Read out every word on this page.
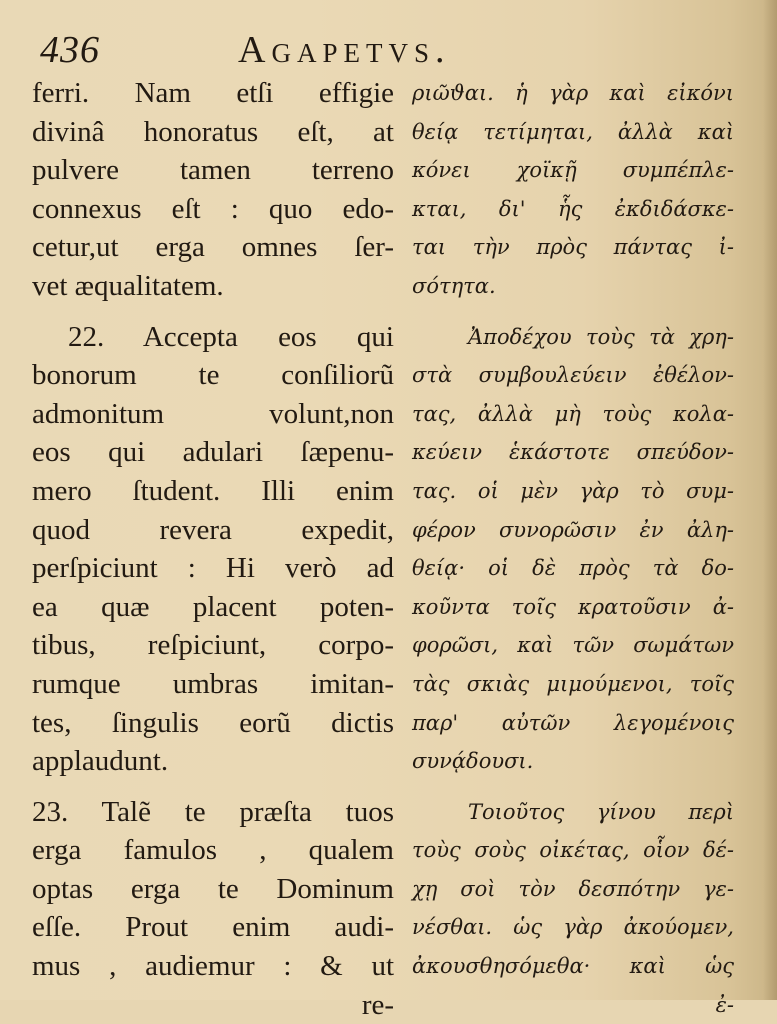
436	Agapetvs.
ferri. Nam etſi effigie
divinâ honoratus eſt, at
pulvere tamen terreno
connexus eſt : quo edo-
cetur,ut erga omnes ſer-
vet æqualitatem.
22. Accepta eos qui
bonorum te conſiliorũ
admonitum volunt,non
eos qui adulari ſæpenu-
mero ſtudent. Illi enim
quod revera expedit,
perſpiciunt : Hi verò ad
ea quæ placent poten-
tibus, reſpiciunt, corpo-
rumque umbras imitan-
tes, ſingulis eorũ dictis
applaudunt.
23. Talẽ te præſta tuos
erga famulos , qualem
optas erga te Dominum
eſſe. Prout enim audi-
mus , audiemur : & ut
re-
ριῶϑαι. ἡ γὰρ καὶ εἰκόνι
θείᾳ τετίμηται, ἀλλὰ καὶ
κόνει χοϊκῇ συμπέπλε-
κται, δι' ἧς ἐκδιδάσκε-
ται τὴν πρὸς πάντας ἰ-
σότητα.
Ἀποδέχου τοὺς τὰ χρη-
στὰ συμβουλεύειν ἐθέλον-
τας, ἀλλὰ μὴ τοὺς κολα-
κεύειν ἑκάστοτε σπεύδον-
τας. οἱ μὲν γὰρ τὸ συμ-
φέρον συνορῶσιν ἐν ἀλη-
θείᾳ· οἱ δὲ πρὸς τὰ δο-
κοῦντα τοῖς κρατοῦσιν ἀ-
φορῶσι, καὶ τῶν σωμάτων
τὰς σκιὰς μιμούμενοι, τοῖς
παρ' αὐτῶν λεγομένοις
συνᾴδουσι.
Τοιοῦτος γίνου περὶ
τοὺς σοὺς οἰκέτας, οἷον δέ-
χῃ σοὶ τὸν δεσπότην γε-
νέσθαι. ὡς γὰρ ἀκούομεν,
ἀκουσθησόμεθα· καὶ ὡς
ἐ-
